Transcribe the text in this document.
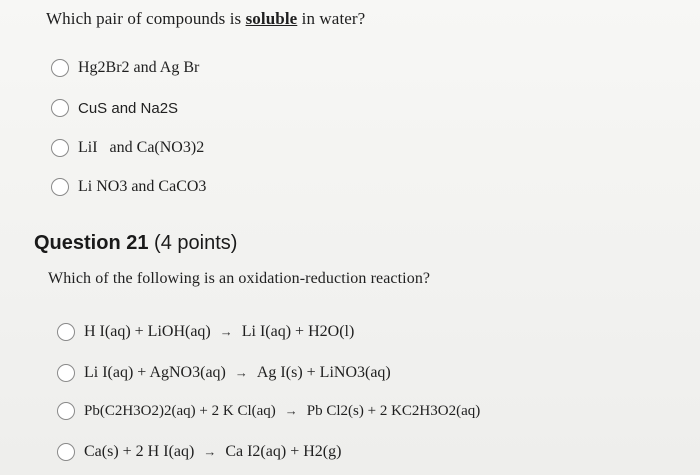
Which pair of compounds is soluble in water?
Hg2Br2 and Ag Br
CuS and Na2S
LiI   and Ca(NO3)2
Li NO3 and CaCO3
Question 21 (4 points)
Which of the following is an oxidation-reduction reaction?
H I(aq) + LiOH(aq) → Li I(aq) + H2O(l)
Li I(aq) + AgNO3(aq) → Ag I(s) + LiNO3(aq)
Pb(C2H3O2)2(aq) + 2 K Cl(aq) → Pb Cl2(s) + 2 KC2H3O2(aq)
Ca(s) + 2 H I(aq) → Ca I2(aq) + H2(g)
